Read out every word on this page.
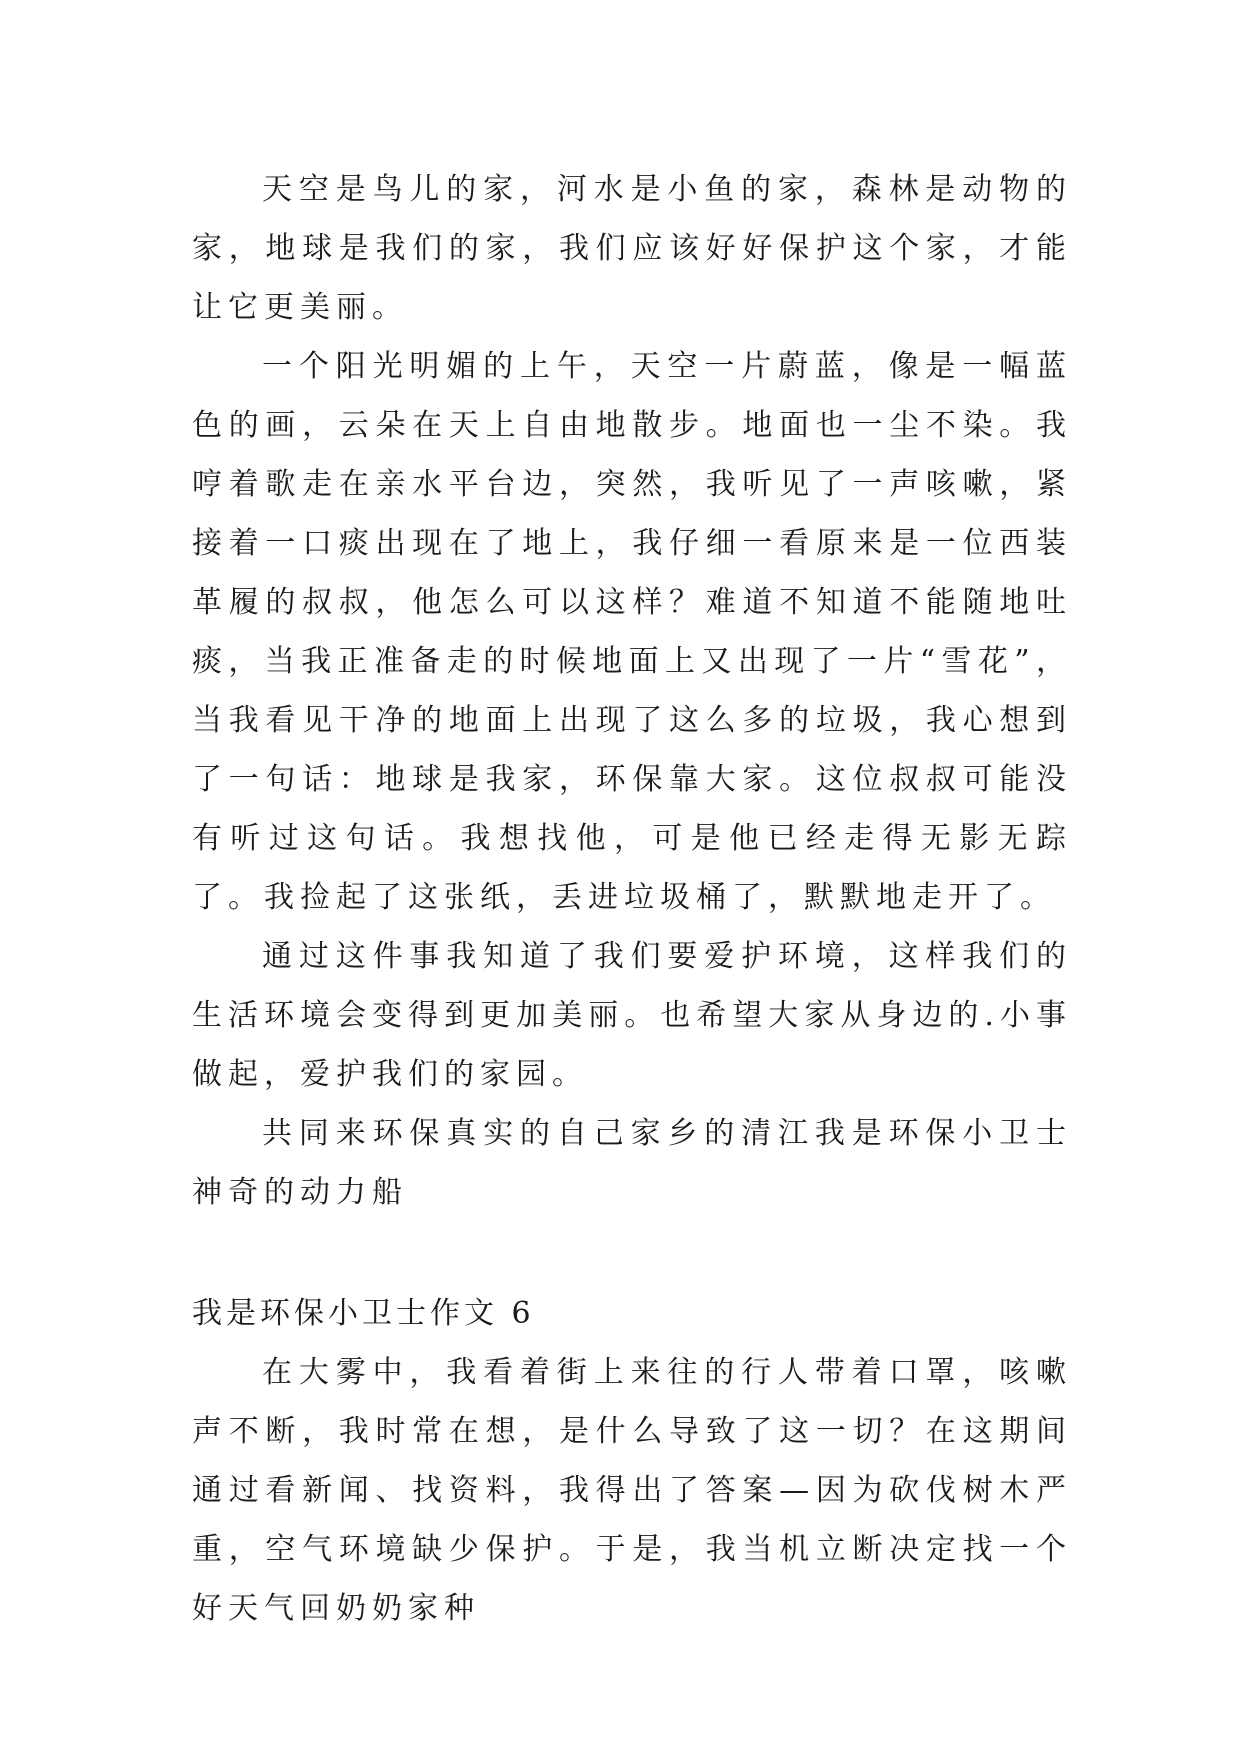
天空是鸟儿的家，河水是小鱼的家，森林是动物的家，地球是我们的家，我们应该好好保护这个家，才能让它更美丽。

一个阳光明媚的上午，天空一片蔚蓝，像是一幅蓝色的画，云朵在天上自由地散步。地面也一尘不染。我哼着歌走在亲水平台边，突然，我听见了一声咳嗽，紧接着一口痰出现在了地上，我仔细一看原来是一位西装革履的叔叔，他怎么可以这样？难道不知道不能随地吐痰，当我正准备走的时候地面上又出现了一片“雪花”，当我看见干净的地面上出现了这么多的垃圾，我心想到了一句话：地球是我家，环保靠大家。这位叔叔可能没有听过这句话。我想找他，可是他已经走得无影无踪了。我捡起了这张纸，丢进垃圾桶了，默默地走开了。

通过这件事我知道了我们要爱护环境，这样我们的生活环境会变得到更加美丽。也希望大家从身边的.小事做起，爱护我们的家园。

共同来环保真实的自己家乡的清江我是环保小卫士神奇的动力船

我是环保小卫士作文 6

在大雾中，我看着街上来往的行人带着口罩，咳嗽声不断，我时常在想，是什么导致了这一切？在这期间通过看新闻、找资料，我得出了答案—因为砍伐树木严重，空气环境缺少保护。于是，我当机立断决定找一个好天气回奶奶家种
